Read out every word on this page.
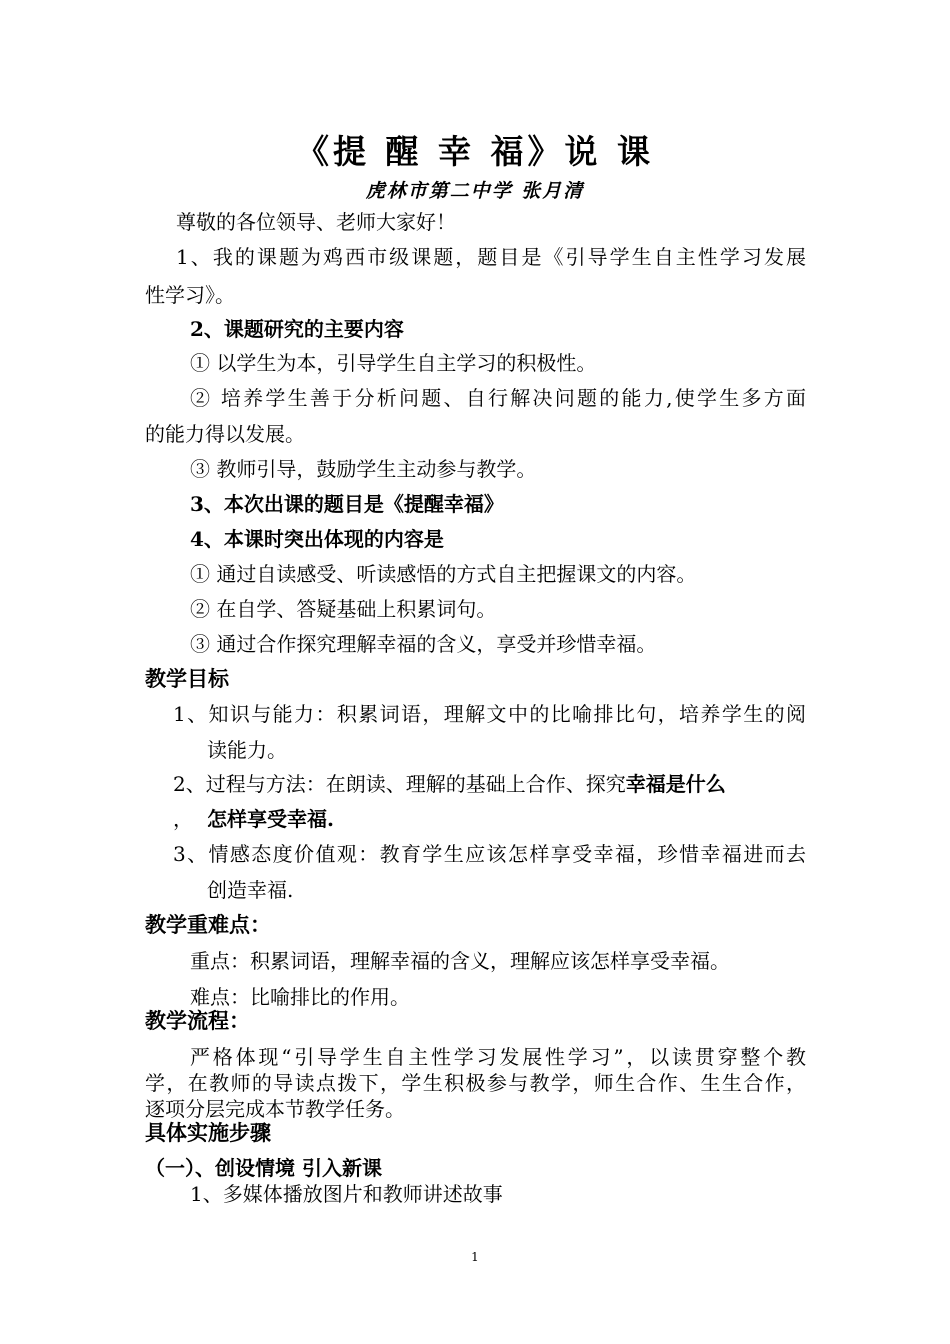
《提 醒 幸 福》说 课
虎林市第二中学 张月清
尊敬的各位领导、老师大家好！
1、我的课题为鸡西市级课题，题目是《引导学生自主性学习发展
性学习》。
2、课题研究的主要内容
① 以学生为本，引导学生自主学习的积极性。
② 培养学生善于分析问题、自行解决问题的能力,使学生多方面
的能力得以发展。
③ 教师引导，鼓励学生主动参与教学。
3、本次出课的题目是《提醒幸福》
4、本课时突出体现的内容是
① 通过自读感受、听读感悟的方式自主把握课文的内容。
② 在自学、答疑基础上积累词句。
③ 通过合作探究理解幸福的含义，享受并珍惜幸福。
教学目标
1、知识与能力：积累词语，理解文中的比喻排比句，培养学生的阅
读能力。
2、过程与方法：在朗读、理解的基础上合作、探究幸福是什么
， 怎样享受幸福.
3、情感态度价值观：教育学生应该怎样享受幸福，珍惜幸福进而去
创造幸福.
教学重难点：
重点：积累词语，理解幸福的含义，理解应该怎样享受幸福。
难点：比喻排比的作用。
教学流程：
严格体现“引导学生自主性学习发展性学习”，以读贯穿整个教
学，在教师的导读点拨下，学生积极参与教学，师生合作、生生合作，
逐项分层完成本节教学任务。
具体实施步骤
（一）、创设情境 引入新课
1、多媒体播放图片和教师讲述故事
1
